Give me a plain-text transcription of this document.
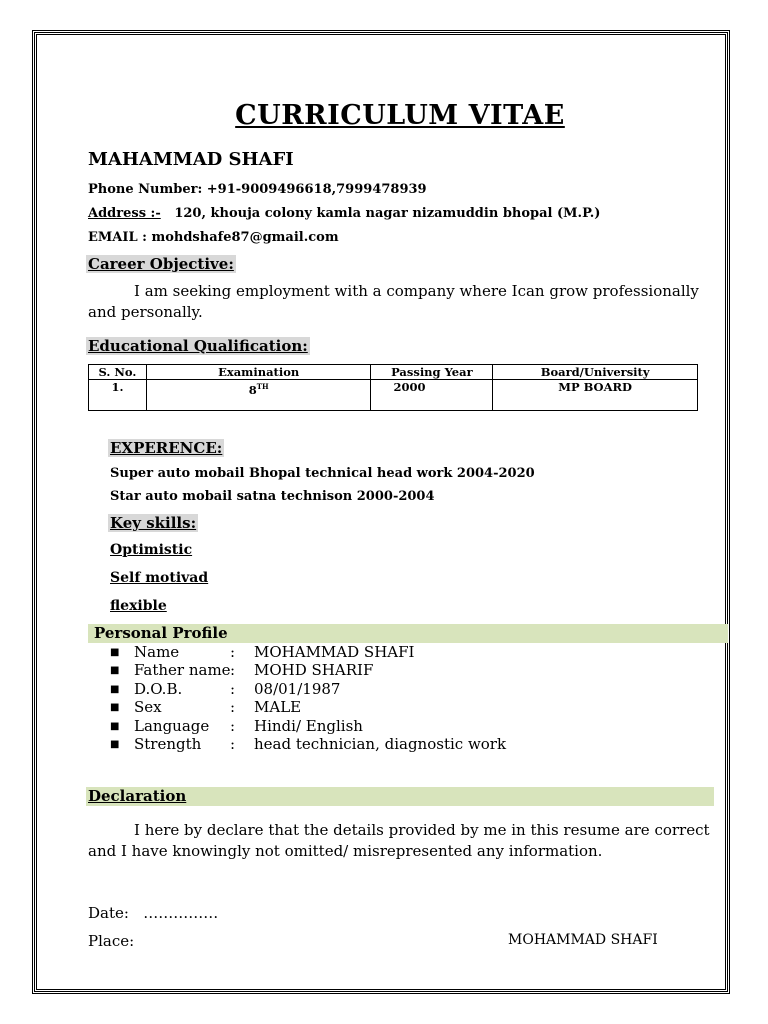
CURRICULUM VITAE
MAHAMMAD SHAFI
Phone Number: +91-9009496618,7999478939
Address :- 120, khouja colony kamla nagar nizamuddin bhopal (M.P.)
EMAIL : mohdshafe87@gmail.com
Career Objective:
I am seeking employment with a company where Ican grow professionally and personally.
Educational Qualification:
S. No.	Examination	Passing Year	Board/University
1.	8TH	2000	MP BOARD
EXPERENCE:
Super auto mobail Bhopal technical head work 2004-2020
Star auto mobail satna technison 2000-2004
Key skills:
Optimistic
Self motivad
flexible
Personal Profile
■ Name	: MOHAMMAD SHAFI
■ Father name: MOHD SHARIF
■ D.O.B.	: 08/01/1987
■ Sex	: MALE
■ Language : Hindi/ English
■ Strength : head technician, diagnostic work
Declaration
I here by declare that the details provided by me in this resume are correct and I have knowingly not omitted/ misrepresented any information.
Date: ……………
Place:	MOHAMMAD SHAFI
